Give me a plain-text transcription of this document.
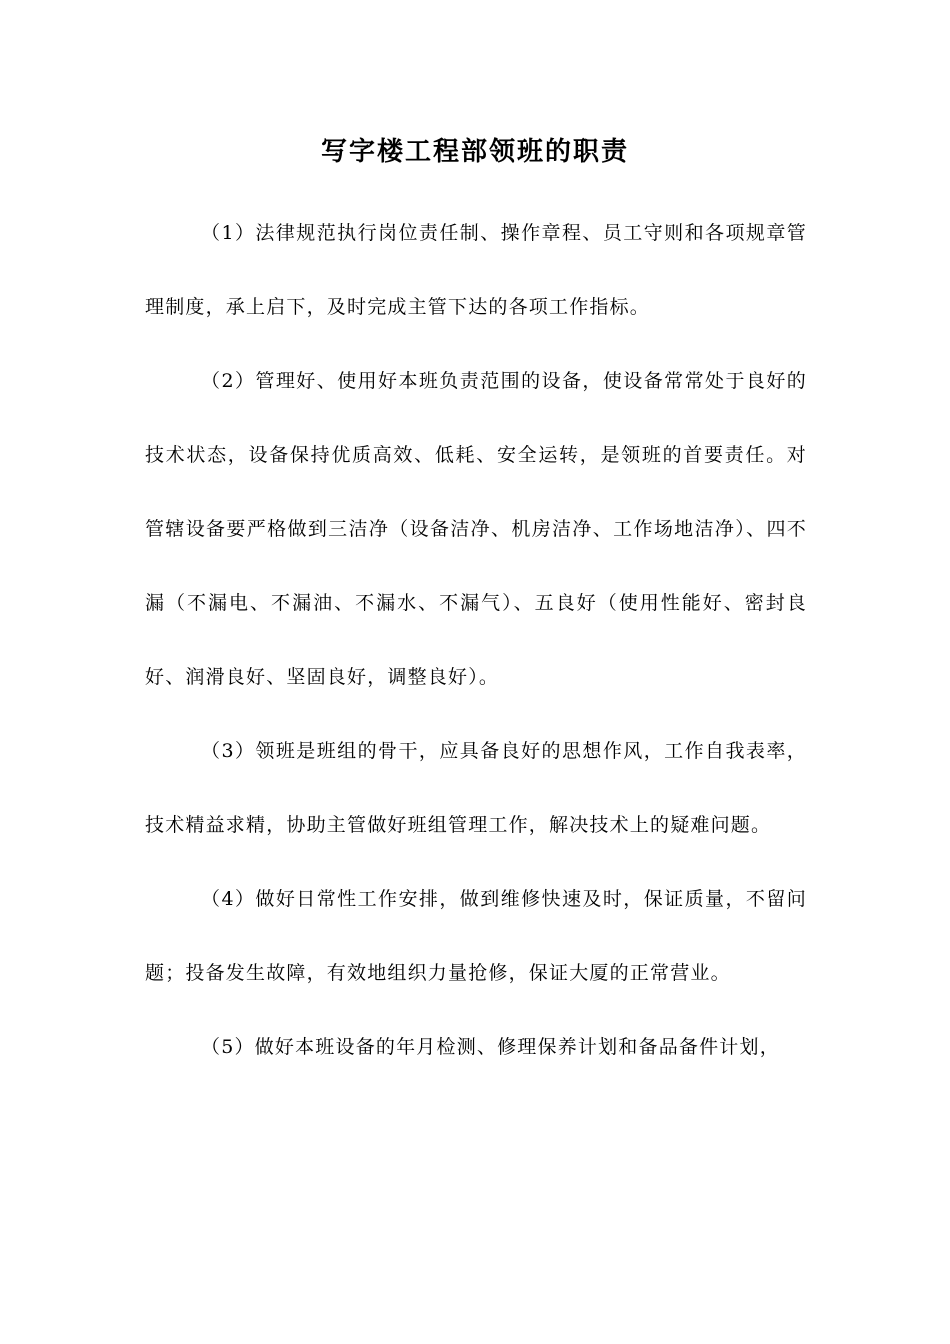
写字楼工程部领班的职责

（1）法律规范执行岗位责任制、操作章程、员工守则和各项规章管理制度，承上启下，及时完成主管下达的各项工作指标。

（2）管理好、使用好本班负责范围的设备，使设备常常处于良好的技术状态，设备保持优质高效、低耗、安全运转，是领班的首要责任。对管辖设备要严格做到三洁净（设备洁净、机房洁净、工作场地洁净）、四不漏（不漏电、不漏油、不漏水、不漏气）、五良好（使用性能好、密封良好、润滑良好、坚固良好，调整良好）。

（3）领班是班组的骨干，应具备良好的思想作风，工作自我表率，技术精益求精，协助主管做好班组管理工作，解决技术上的疑难问题。

（4）做好日常性工作安排，做到维修快速及时，保证质量，不留问题；投备发生故障，有效地组织力量抢修，保证大厦的正常营业。

（5）做好本班设备的年月检测、修理保养计划和备品备件计划，
